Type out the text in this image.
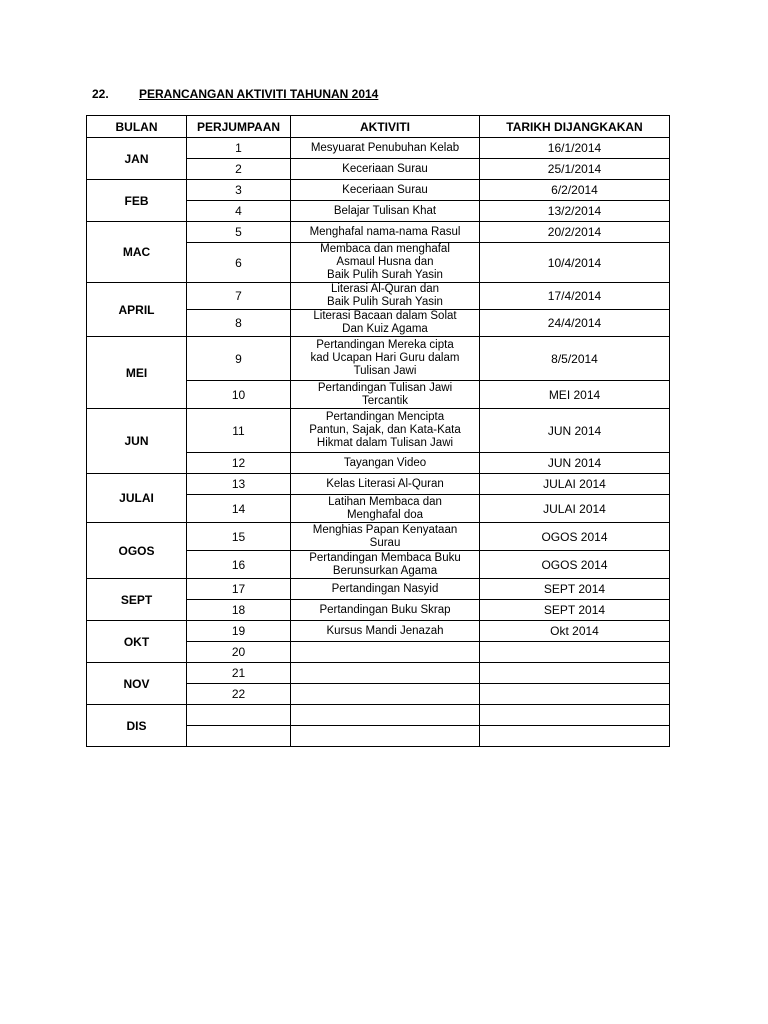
22.	PERANCANGAN AKTIVITI TAHUNAN 2014
BULAN	PERJUMPAAN	AKTIVITI	TARIKH DIJANGKAKAN
JAN	1	Mesyuarat Penubuhan Kelab	16/1/2014
	2	Keceriaan Surau	25/1/2014
FEB	3	Keceriaan Surau	6/2/2014
	4	Belajar Tulisan Khat	13/2/2014
MAC	5	Menghafal nama-nama Rasul	20/2/2014
	6	Membaca dan menghafal
Asmaul Husna dan
Baik Pulih Surah Yasin	10/4/2014
APRIL	7	Literasi Al-Quran dan
Baik Pulih Surah Yasin	17/4/2014
	8	Literasi Bacaan dalam Solat
Dan Kuiz Agama	24/4/2014
MEI	9	Pertandingan Mereka cipta
kad Ucapan Hari Guru dalam
Tulisan Jawi	8/5/2014
	10	Pertandingan Tulisan Jawi
Tercantik	MEI 2014
JUN	11	Pertandingan Mencipta
Pantun, Sajak, dan Kata-Kata
Hikmat dalam Tulisan Jawi	JUN 2014
	12	Tayangan Video	JUN 2014
JULAI	13	Kelas Literasi Al-Quran	JULAI 2014
	14	Latihan Membaca dan
Menghafal doa	JULAI 2014
OGOS	15	Menghias Papan Kenyataan
Surau	OGOS 2014
	16	Pertandingan Membaca Buku
Berunsurkan Agama	OGOS 2014
SEPT	17	Pertandingan Nasyid	SEPT 2014
	18	Pertandingan Buku Skrap	SEPT 2014
OKT	19	Kursus Mandi Jenazah	Okt 2014
	20		
NOV	21		
	22		
DIS			
